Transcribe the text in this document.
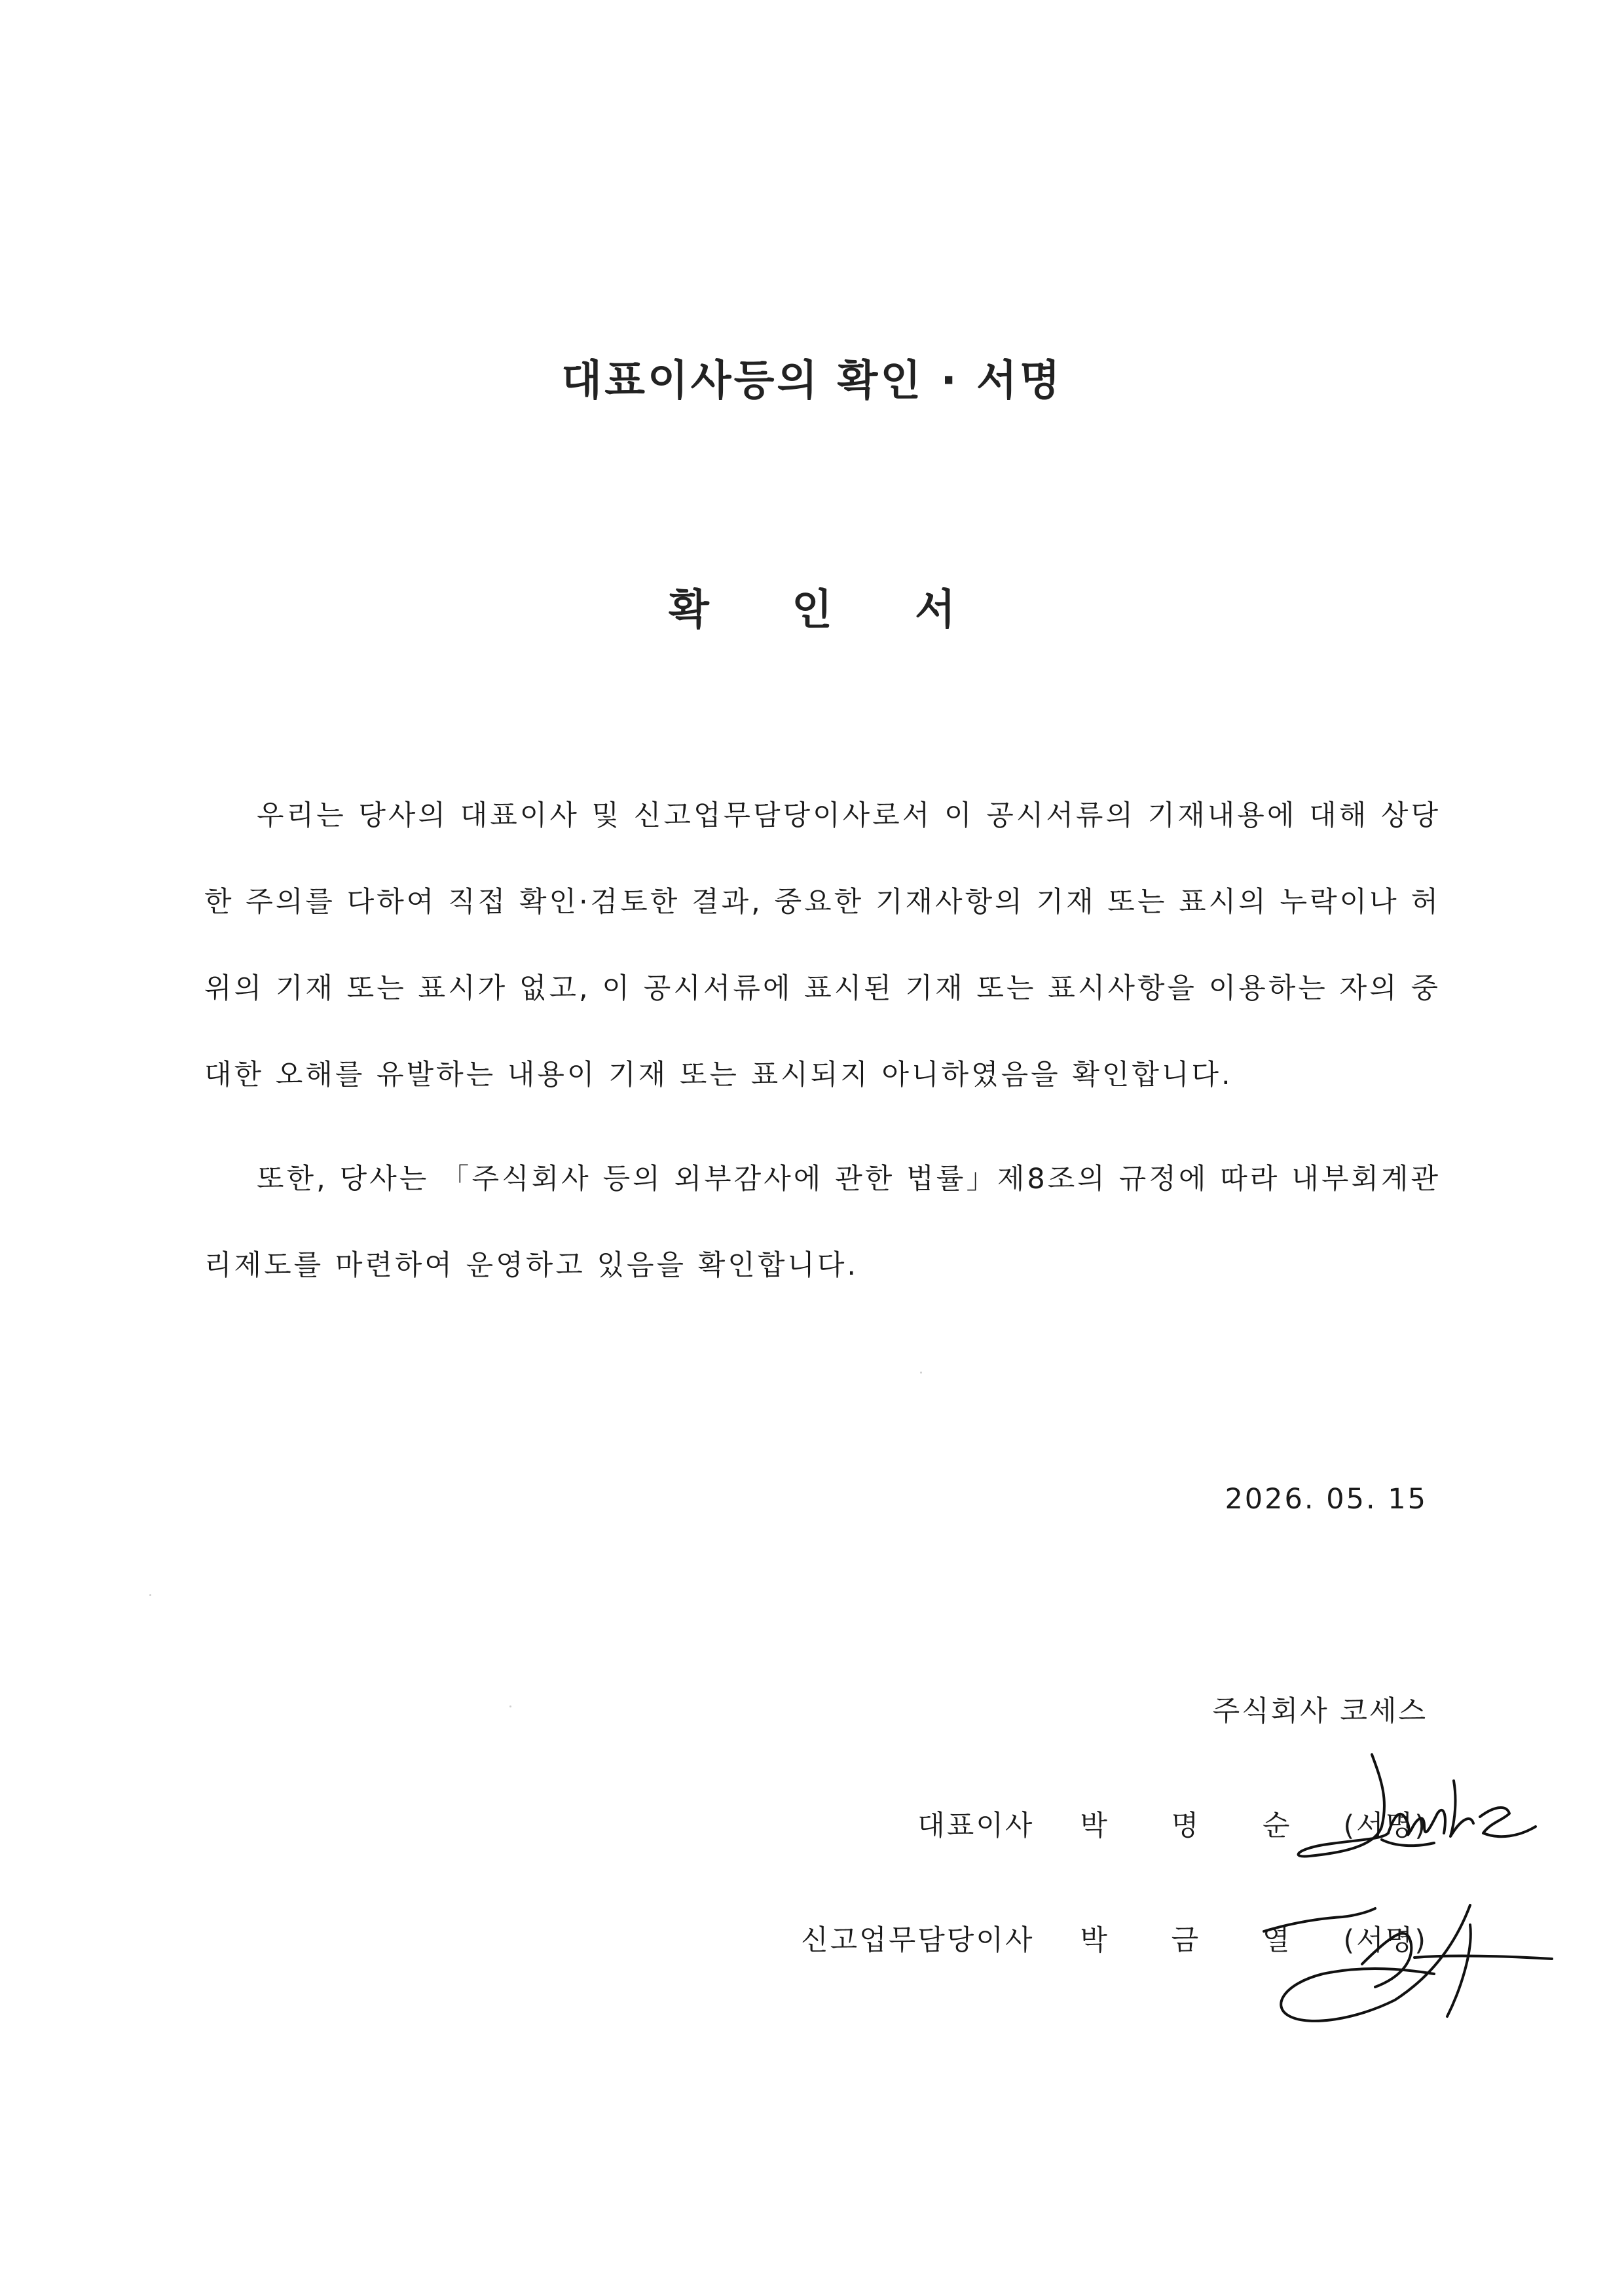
대표이사등의 확인 · 서명
확 인 서

우리는 당사의 대표이사 및 신고업무담당이사로서 이 공시서류의 기재내용에 대해 상당한 주의를 다하여 직접 확인·검토한 결과, 중요한 기재사항의 기재 또는 표시의 누락이나 허위의 기재 또는 표시가 없고, 이 공시서류에 표시된 기재 또는 표시사항을 이용하는 자의 중대한 오해를 유발하는 내용이 기재 또는 표시되지 아니하였음을 확인합니다.

또한, 당사는 「주식회사 등의 외부감사에 관한 법률」제8조의 규정에 따라 내부회계관리제도를 마련하여 운영하고 있음을 확인합니다.

2026. 05. 15
주식회사 코세스
대표이사 박 명 순 (서명)
신고업무담당이사 박 금 열 (서명)
